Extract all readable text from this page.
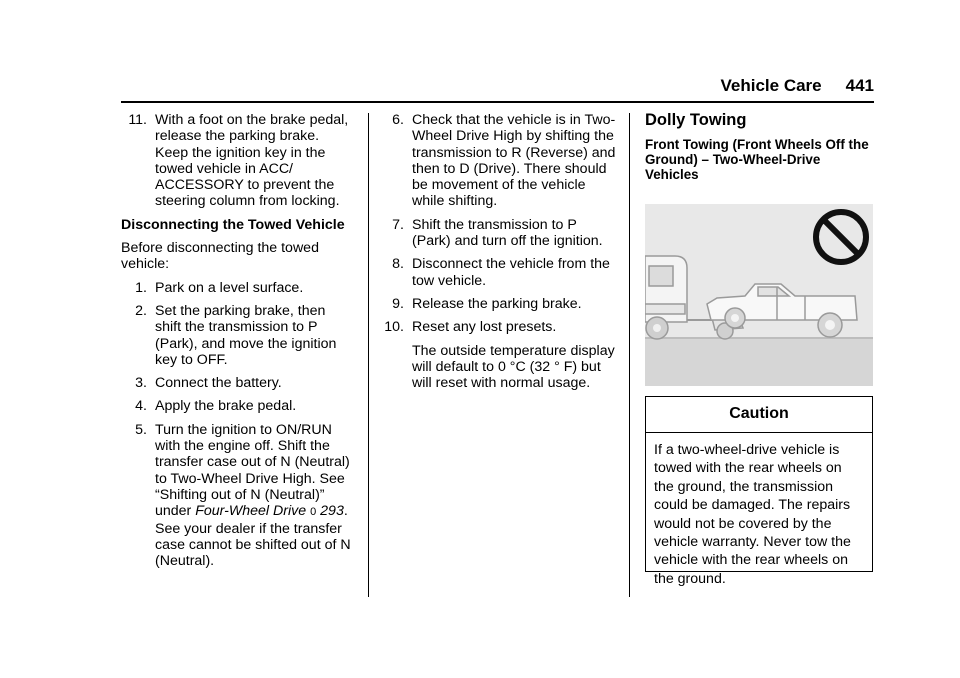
Vehicle Care 441
11. With a foot on the brake pedal, release the parking brake. Keep the ignition key in the towed vehicle in ACC/ ACCESSORY to prevent the steering column from locking.

Disconnecting the Towed Vehicle

Before disconnecting the towed vehicle:

1. Park on a level surface.
2. Set the parking brake, then shift the transmission to P (Park), and move the ignition key to OFF.
3. Connect the battery.
4. Apply the brake pedal.
5. Turn the ignition to ON/RUN with the engine off. Shift the transfer case out of N (Neutral) to Two-Wheel Drive High. See “Shifting out of N (Neutral)” under Four-Wheel Drive 0 293. See your dealer if the transfer case cannot be shifted out of N (Neutral).
6. Check that the vehicle is in Two-Wheel Drive High by shifting the transmission to R (Reverse) and then to D (Drive). There should be movement of the vehicle while shifting.
7. Shift the transmission to P (Park) and turn off the ignition.
8. Disconnect the vehicle from the tow vehicle.
9. Release the parking brake.
10. Reset any lost presets.

The outside temperature display will default to 0 °C (32 ° F) but will reset with normal usage.

Dolly Towing
Front Towing (Front Wheels Off the Ground) – Two-Wheel-Drive Vehicles
Caution
If a two-wheel-drive vehicle is towed with the rear wheels on the ground, the transmission could be damaged. The repairs would not be covered by the vehicle warranty. Never tow the vehicle with the rear wheels on the ground.
